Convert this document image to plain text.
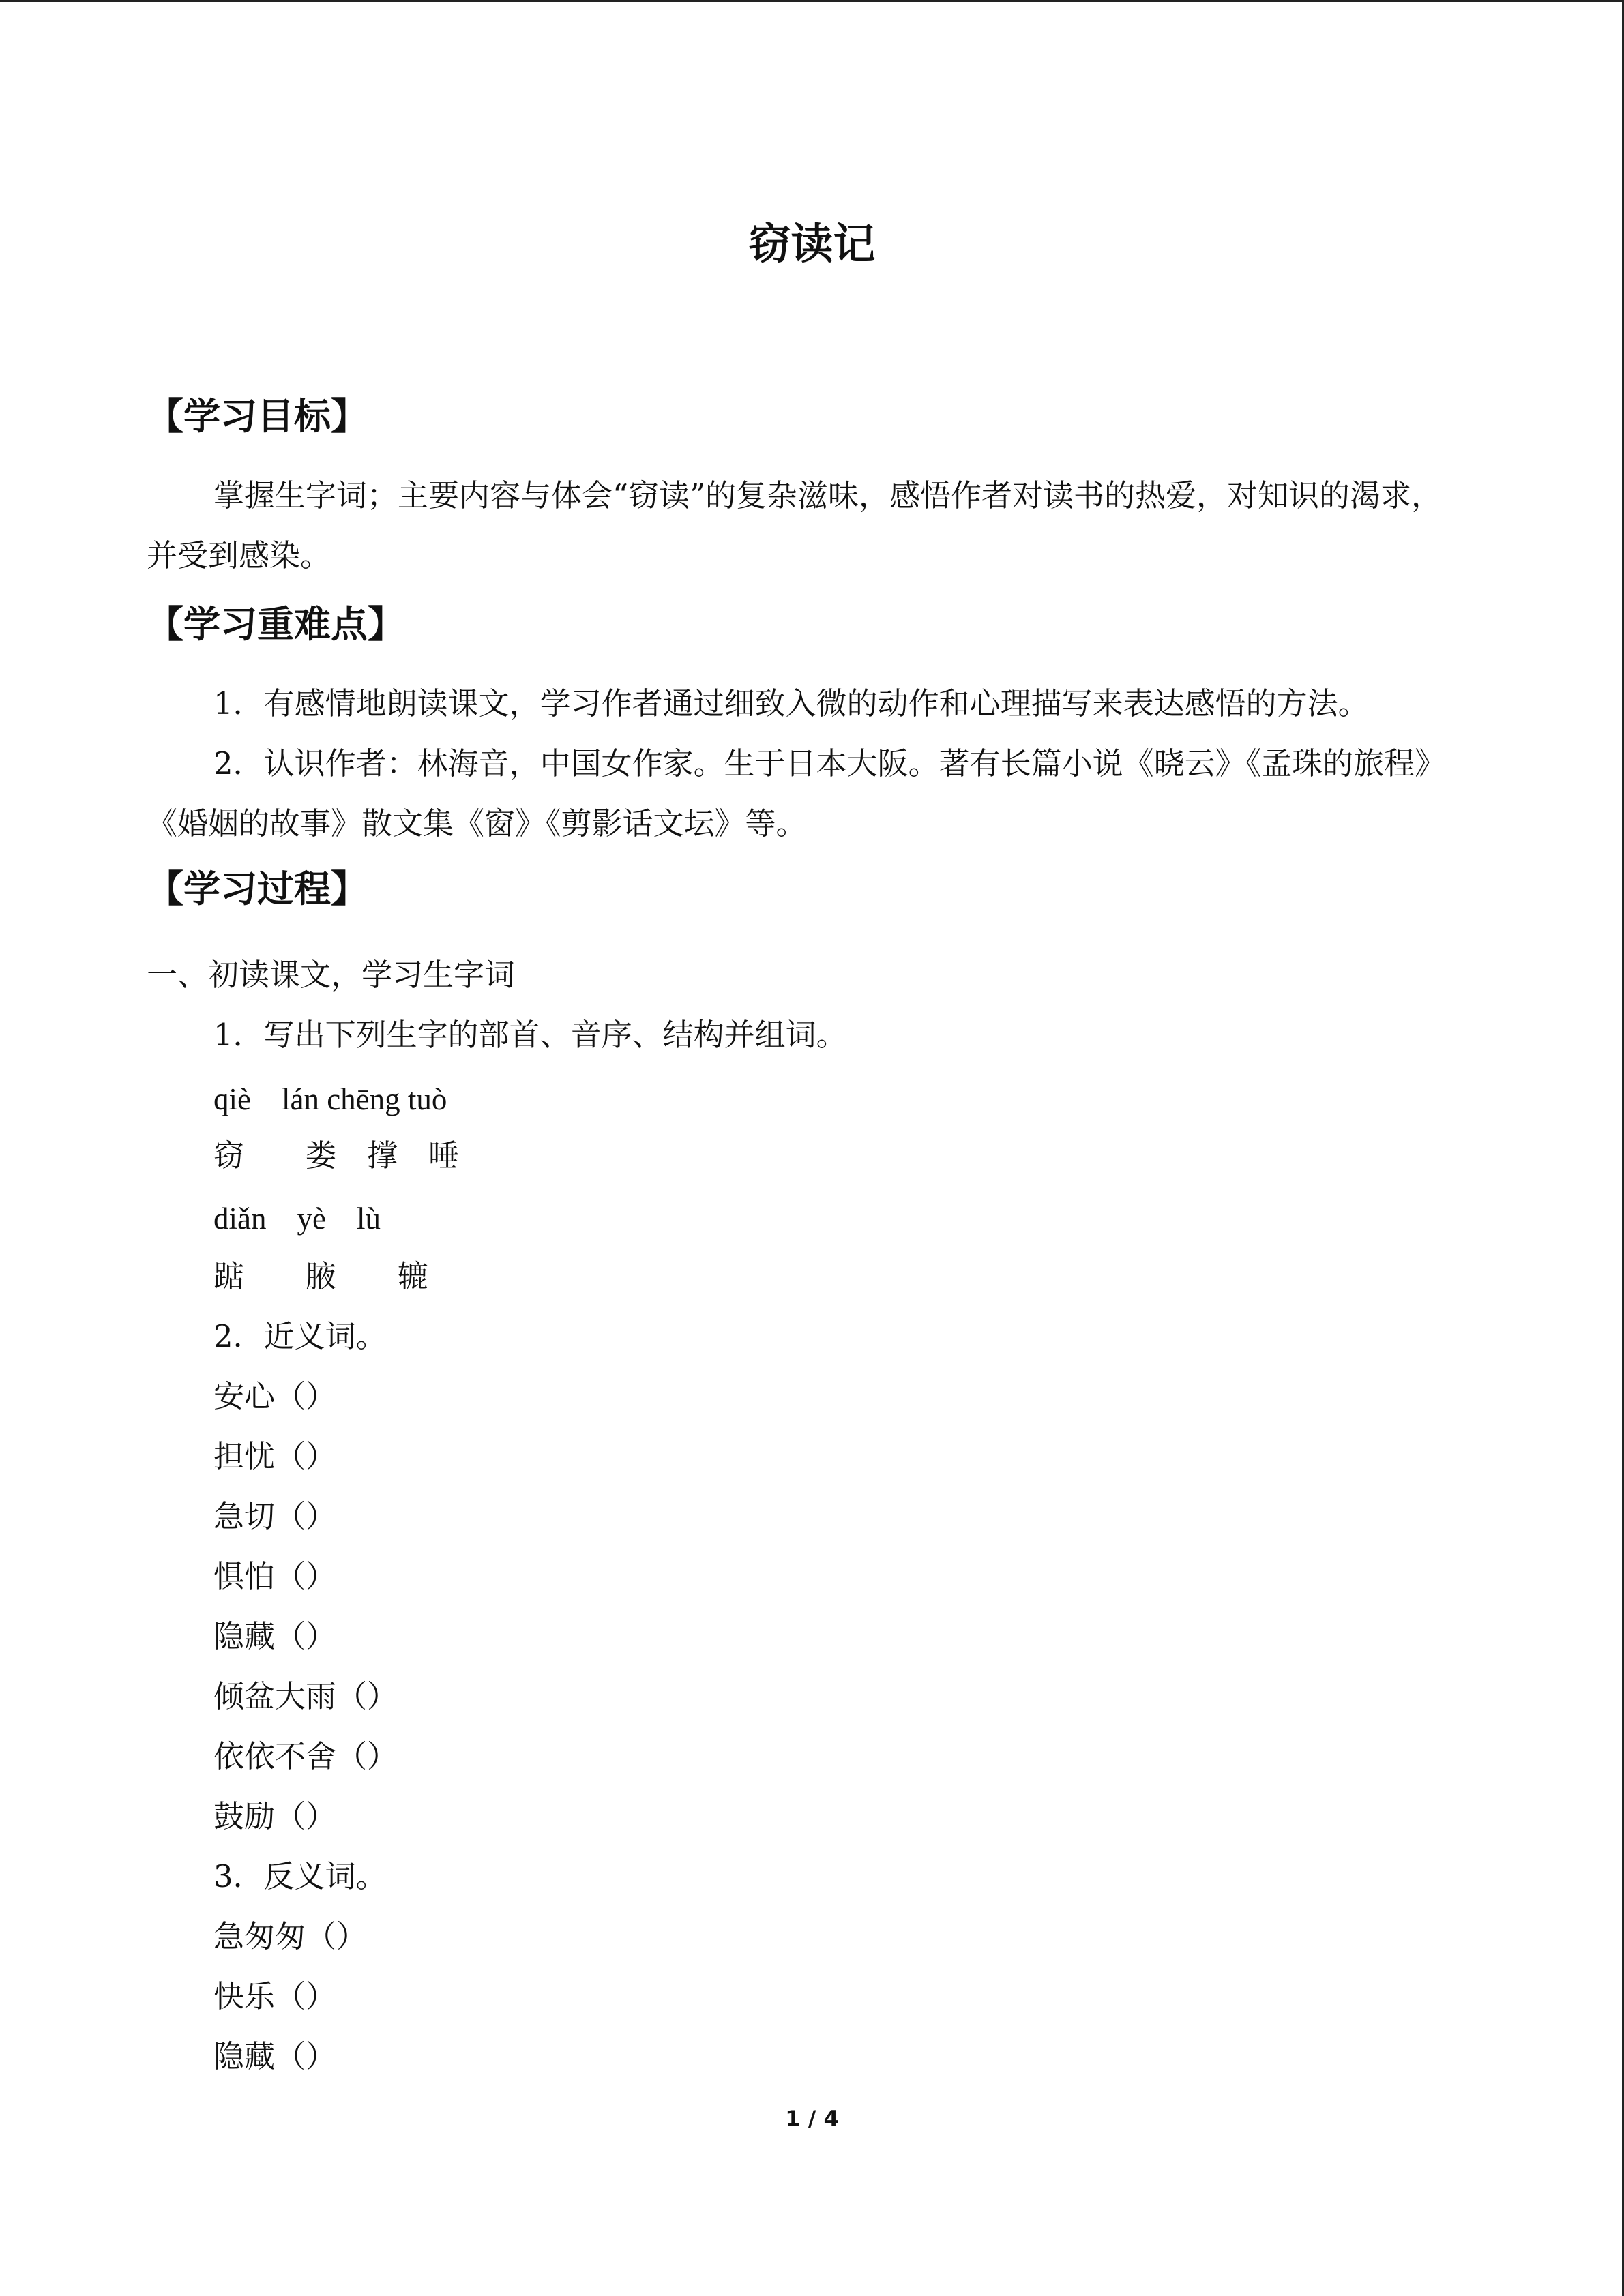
窃读记
【学习目标】
掌握生字词；主要内容与体会“窃读”的复杂滋味，感悟作者对读书的热爱，对知识的渴求，并受到感染。
【学习重难点】
1．有感情地朗读课文，学习作者通过细致入微的动作和心理描写来表达感悟的方法。
2．认识作者：林海音，中国女作家。生于日本大阪。著有长篇小说《晓云》《孟珠的旅程》《婚姻的故事》散文集《窗》《剪影话文坛》等。
【学习过程】
一、初读课文，学习生字词
1．写出下列生字的部首、音序、结构并组词。
qiè　lán chēng tuò
窃　　娄　撑　唾
diǎn　yè　lù
踮　　腋　　辘
2．近义词。
安心（）
担忧（）
急切（）
惧怕（）
隐藏（）
倾盆大雨（）
依依不舍（）
鼓励（）
3．反义词。
急匆匆（）
快乐（）
隐藏（）
1 / 4
